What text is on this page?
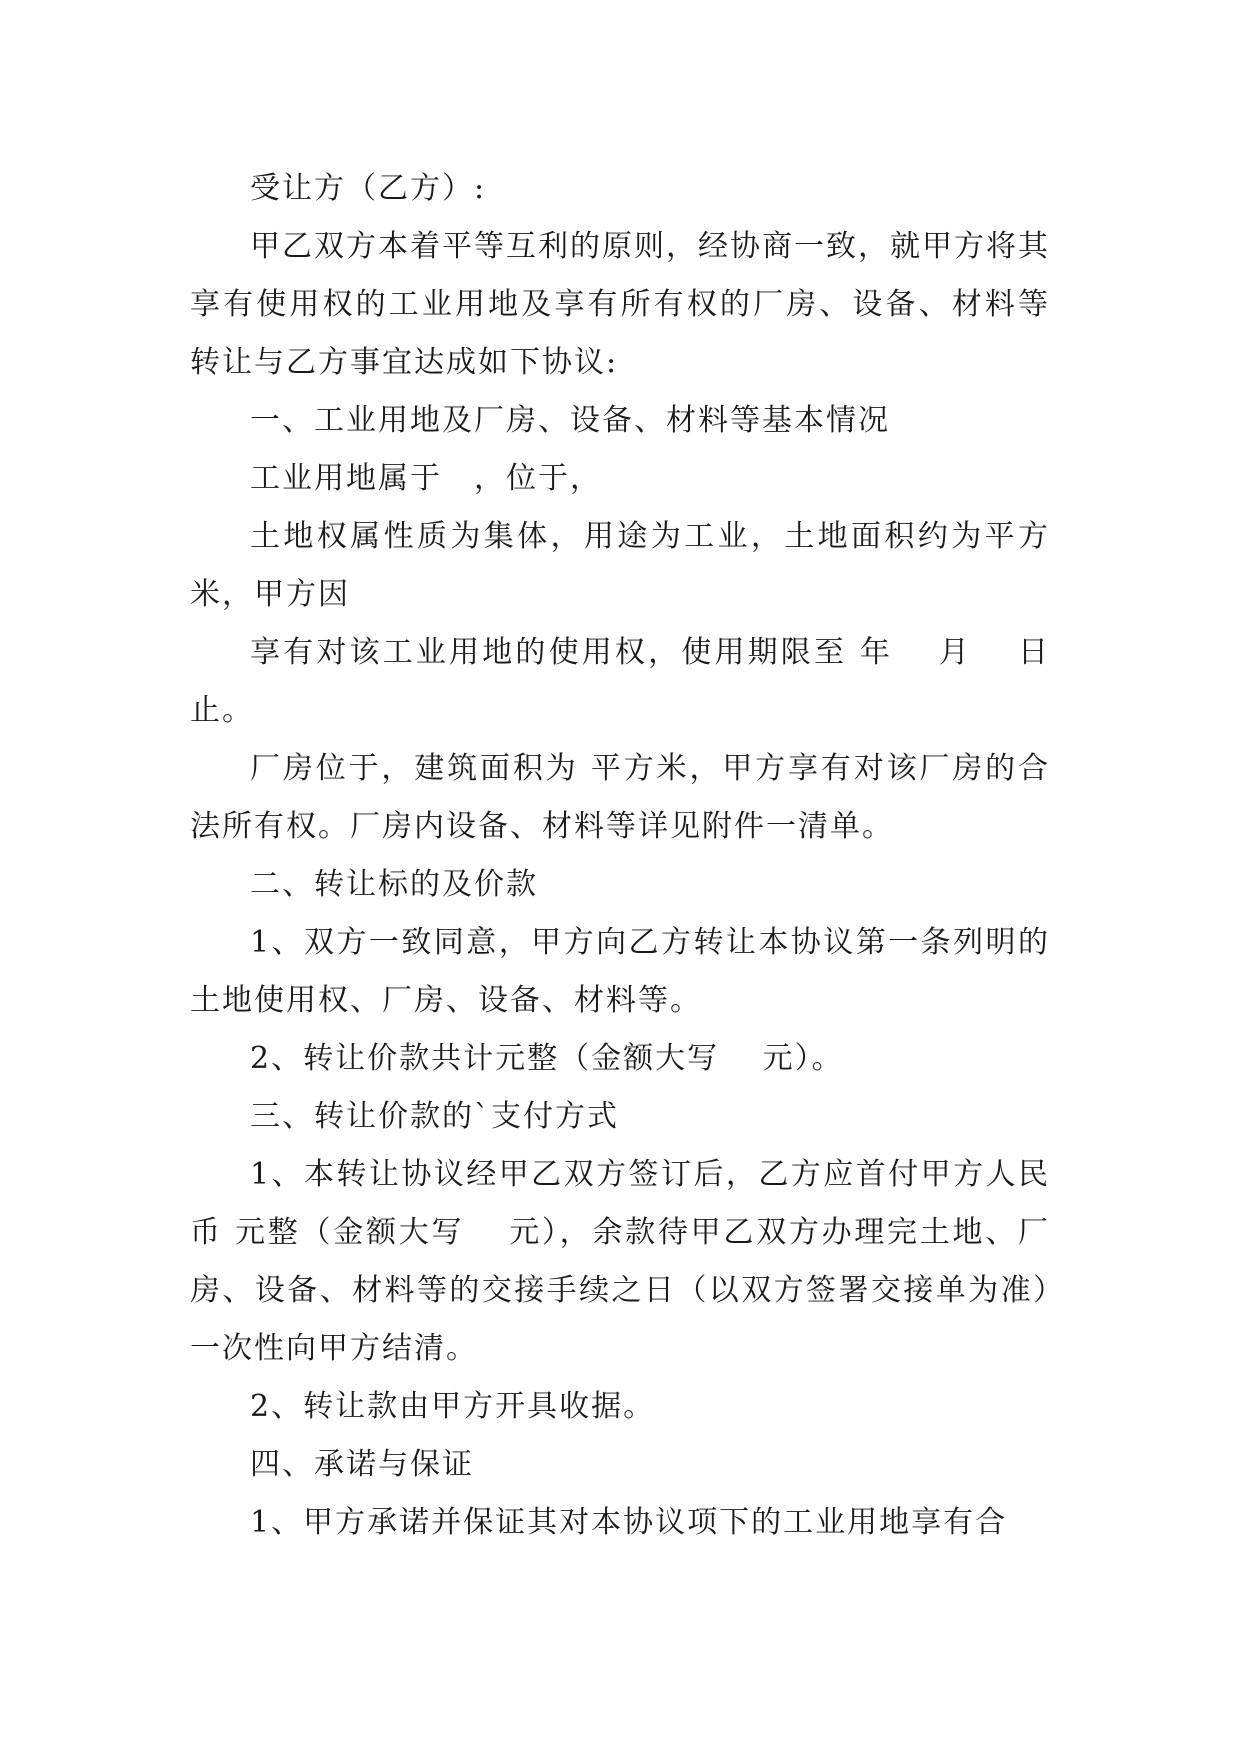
受让方（乙方）:

甲乙双方本着平等互利的原则，经协商一致，就甲方将其享有使用权的工业用地及享有所有权的厂房、设备、材料等转让与乙方事宜达成如下协议:

一、工业用地及厂房、设备、材料等基本情况

工业用地属于　，位于，

土地权属性质为集体，用途为工业，土地面积约为平方米，甲方因

享有对该工业用地的使用权，使用期限至 年　 月　 日止。

厂房位于，建筑面积为 平方米，甲方享有对该厂房的合法所有权。厂房内设备、材料等详见附件一清单。

二、转让标的及价款

1、双方一致同意，甲方向乙方转让本协议第一条列明的土地使用权、厂房、设备、材料等。

2、转让价款共计元整（金额大写　 元）。

三、转让价款的`支付方式

1、本转让协议经甲乙双方签订后，乙方应首付甲方人民币 元整（金额大写　 元），余款待甲乙双方办理完土地、厂房、设备、材料等的交接手续之日（以双方签署交接单为准）一次性向甲方结清。

2、转让款由甲方开具收据。

四、承诺与保证

1、甲方承诺并保证其对本协议项下的工业用地享有合
